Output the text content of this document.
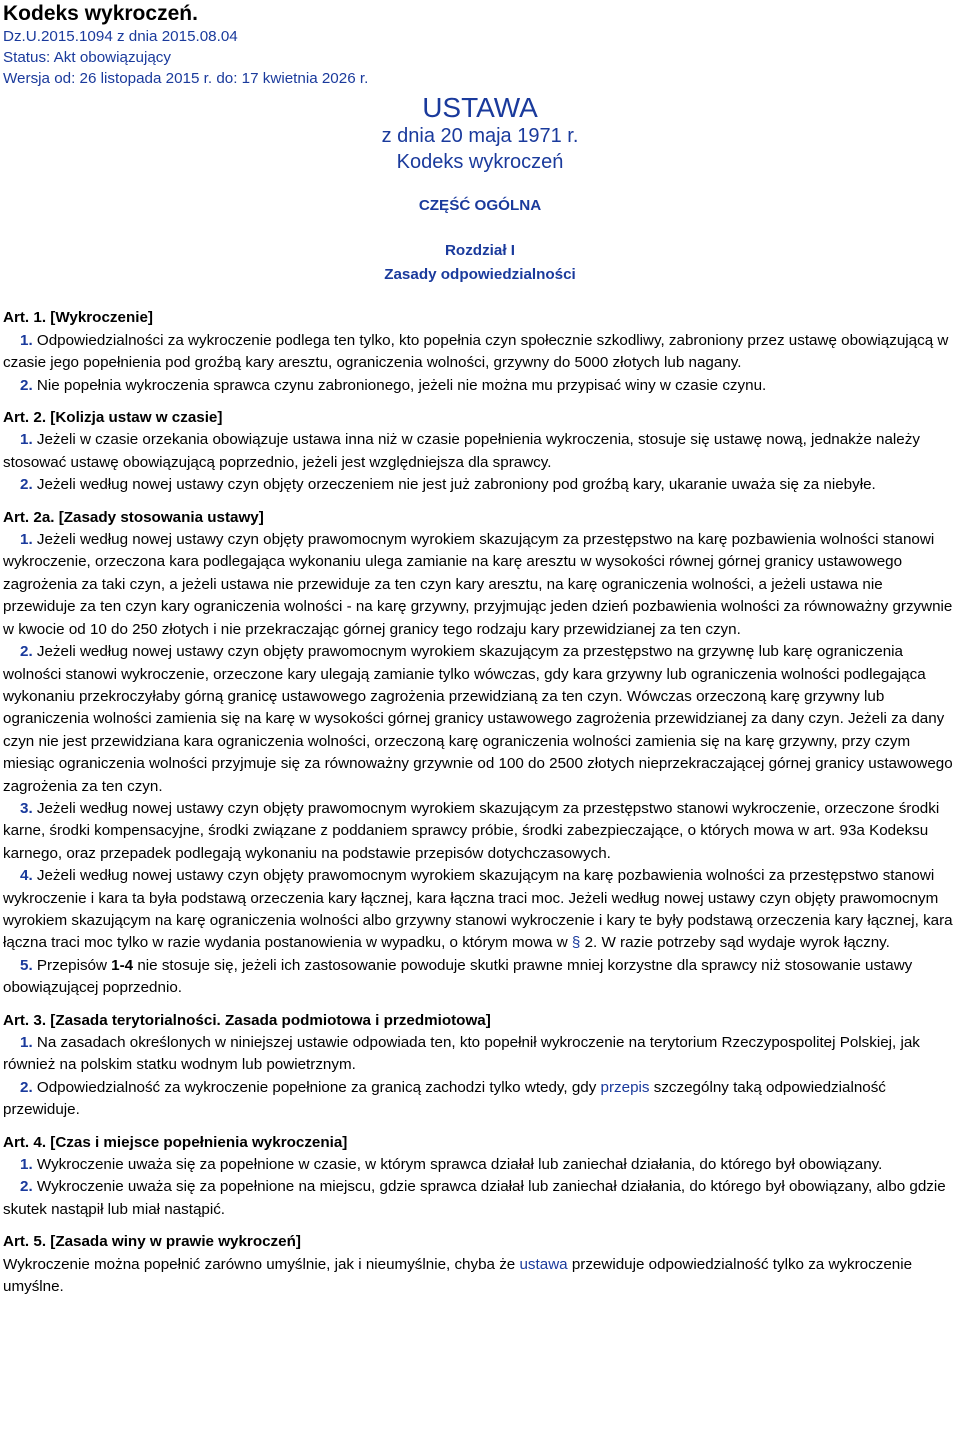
Kodeks wykroczeń.
Dz.U.2015.1094 z dnia 2015.08.04
Status: Akt obowiązujący
Wersja od: 26 listopada 2015 r. do: 17 kwietnia 2026 r.
USTAWA
z dnia 20 maja 1971 r.
Kodeks wykroczeń
CZĘŚĆ OGÓLNA
Rozdział I
Zasady odpowiedzialności
Art. 1. [Wykroczenie]
1. Odpowiedzialności za wykroczenie podlega ten tylko, kto popełnia czyn społecznie szkodliwy, zabroniony przez ustawę obowiązującą w czasie jego popełnienia pod groźbą kary aresztu, ograniczenia wolności, grzywny do 5000 złotych lub nagany.
2. Nie popełnia wykroczenia sprawca czynu zabronionego, jeżeli nie można mu przypisać winy w czasie czynu.
Art. 2. [Kolizja ustaw w czasie]
1. Jeżeli w czasie orzekania obowiązuje ustawa inna niż w czasie popełnienia wykroczenia, stosuje się ustawę nową, jednakże należy stosować ustawę obowiązującą poprzednio, jeżeli jest względniejsza dla sprawcy.
2. Jeżeli według nowej ustawy czyn objęty orzeczeniem nie jest już zabroniony pod groźbą kary, ukaranie uważa się za niebyłe.
Art. 2a. [Zasady stosowania ustawy]
1. Jeżeli według nowej ustawy czyn objęty prawomocnym wyrokiem skazującym za przestępstwo na karę pozbawienia wolności stanowi wykroczenie, orzeczona kara podlegająca wykonaniu ulega zamianie na karę aresztu w wysokości równej górnej granicy ustawowego zagrożenia za taki czyn, a jeżeli ustawa nie przewiduje za ten czyn kary aresztu, na karę ograniczenia wolności, a jeżeli ustawa nie przewiduje za ten czyn kary ograniczenia wolności - na karę grzywny, przyjmując jeden dzień pozbawienia wolności za równoważny grzywnie w kwocie od 10 do 250 złotych i nie przekraczając górnej granicy tego rodzaju kary przewidzianej za ten czyn.
2. Jeżeli według nowej ustawy czyn objęty prawomocnym wyrokiem skazującym za przestępstwo na grzywnę lub karę ograniczenia wolności stanowi wykroczenie, orzeczone kary ulegają zamianie tylko wówczas, gdy kara grzywny lub ograniczenia wolności podlegająca wykonaniu przekroczyłaby górną granicę ustawowego zagrożenia przewidzianą za ten czyn. Wówczas orzeczoną karę grzywny lub ograniczenia wolności zamienia się na karę w wysokości górnej granicy ustawowego zagrożenia przewidzianej za dany czyn. Jeżeli za dany czyn nie jest przewidziana kara ograniczenia wolności, orzeczoną karę ograniczenia wolności zamienia się na karę grzywny, przy czym miesiąc ograniczenia wolności przyjmuje się za równoważny grzywnie od 100 do 2500 złotych nieprzekraczającej górnej granicy ustawowego zagrożenia za ten czyn.
3. Jeżeli według nowej ustawy czyn objęty prawomocnym wyrokiem skazującym za przestępstwo stanowi wykroczenie, orzeczone środki karne, środki kompensacyjne, środki związane z poddaniem sprawcy próbie, środki zabezpieczające, o których mowa w art. 93a Kodeksu karnego, oraz przepadek podlegają wykonaniu na podstawie przepisów dotychczasowych.
4. Jeżeli według nowej ustawy czyn objęty prawomocnym wyrokiem skazującym na karę pozbawienia wolności za przestępstwo stanowi wykroczenie i kara ta była podstawą orzeczenia kary łącznej, kara łączna traci moc. Jeżeli według nowej ustawy czyn objęty prawomocnym wyrokiem skazującym na karę ograniczenia wolności albo grzywny stanowi wykroczenie i kary te były podstawą orzeczenia kary łącznej, kara łączna traci moc tylko w razie wydania postanowienia w wypadku, o którym mowa w § 2. W razie potrzeby sąd wydaje wyrok łączny.
5. Przepisów 1-4 nie stosuje się, jeżeli ich zastosowanie powoduje skutki prawne mniej korzystne dla sprawcy niż stosowanie ustawy obowiązującej poprzednio.
Art. 3. [Zasada terytorialności. Zasada podmiotowa i przedmiotowa]
1. Na zasadach określonych w niniejszej ustawie odpowiada ten, kto popełnił wykroczenie na terytorium Rzeczypospolitej Polskiej, jak również na polskim statku wodnym lub powietrznym.
2. Odpowiedzialność za wykroczenie popełnione za granicą zachodzi tylko wtedy, gdy przepis szczególny taką odpowiedzialność przewiduje.
Art. 4. [Czas i miejsce popełnienia wykroczenia]
1. Wykroczenie uważa się za popełnione w czasie, w którym sprawca działał lub zaniechał działania, do którego był obowiązany.
2. Wykroczenie uważa się za popełnione na miejscu, gdzie sprawca działał lub zaniechał działania, do którego był obowiązany, albo gdzie skutek nastąpił lub miał nastąpić.
Art. 5. [Zasada winy w prawie wykroczeń]
Wykroczenie można popełnić zarówno umyślnie, jak i nieumyślnie, chyba że ustawa przewiduje odpowiedzialność tylko za wykroczenie umyślne.
